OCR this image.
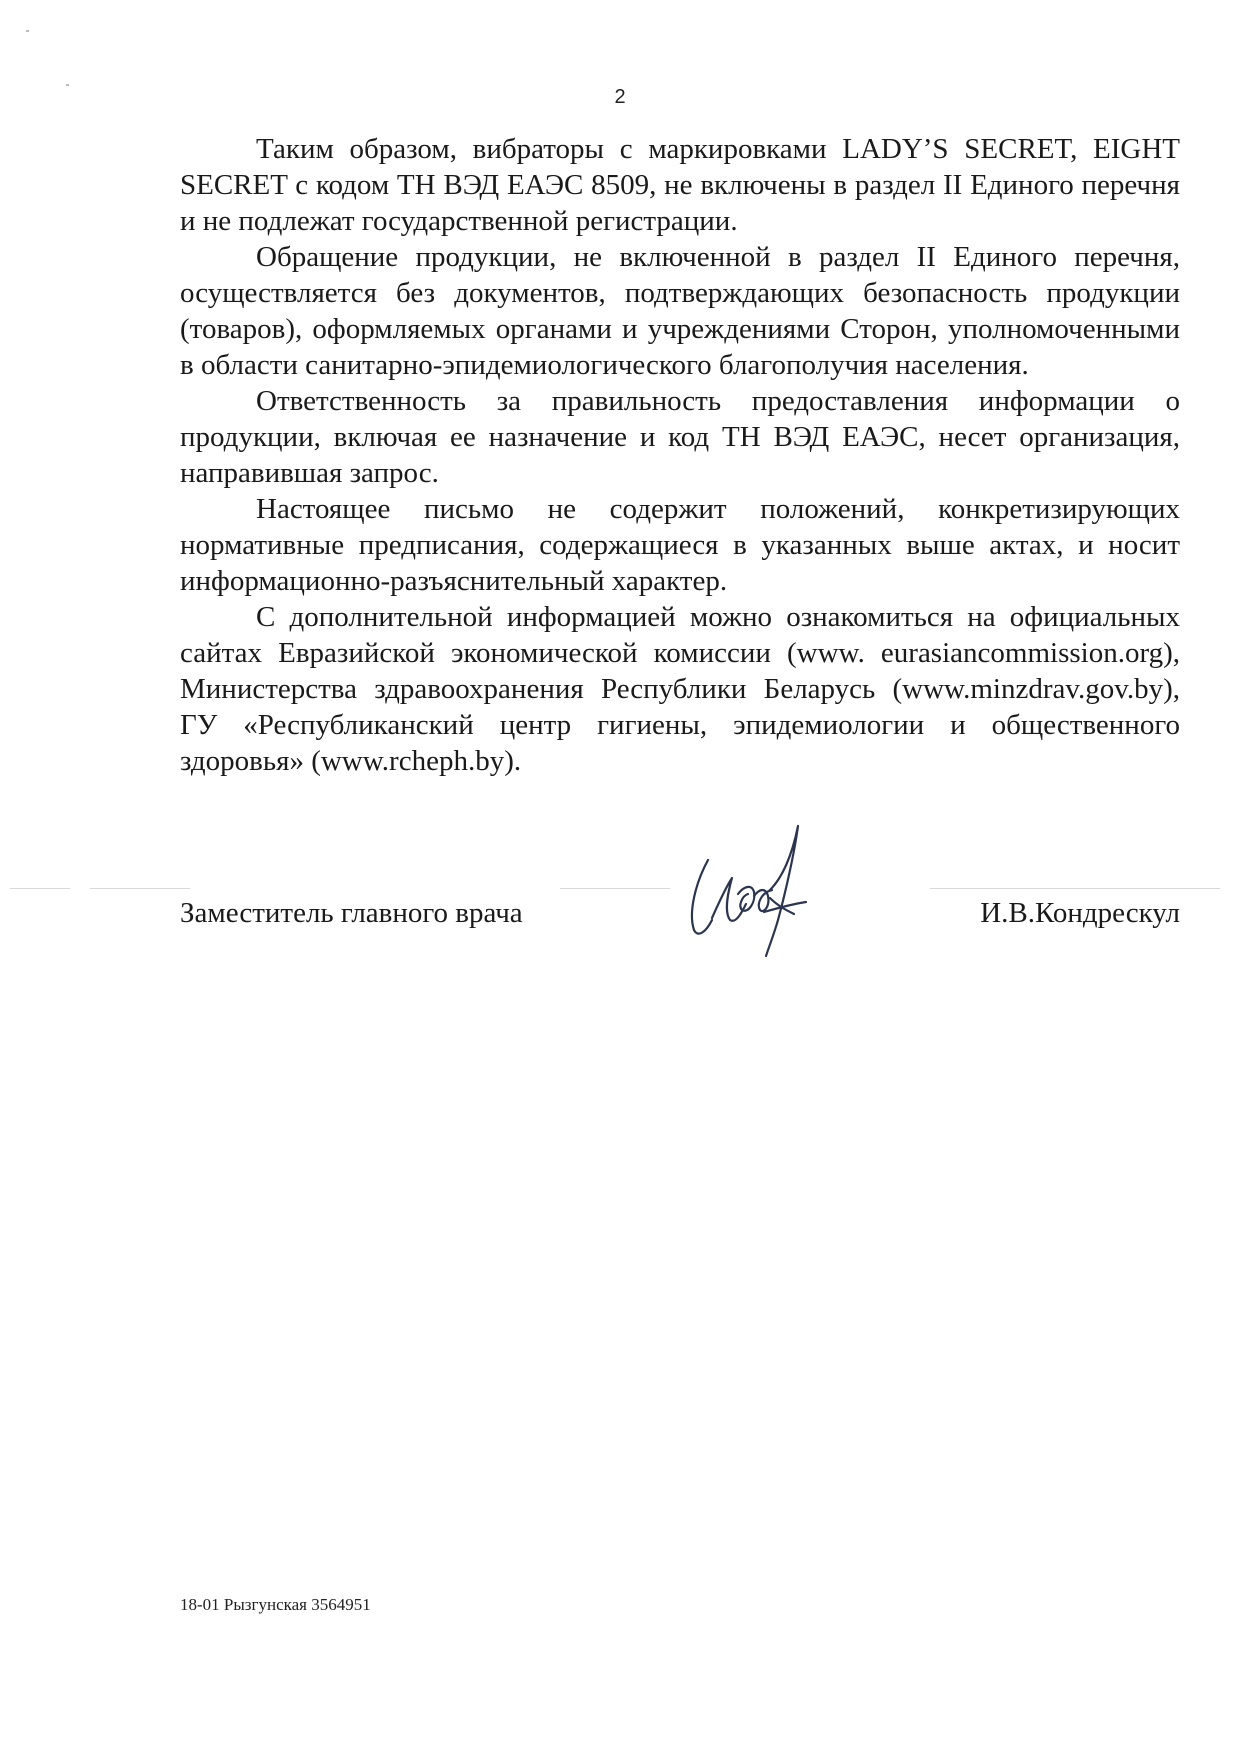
2

Таким образом, вибраторы с маркировками LADY’S SECRET, EIGHT SECRET с кодом ТН ВЭД ЕАЭС 8509, не включены в раздел II Единого перечня и не подлежат государственной регистрации.

Обращение продукции, не включенной в раздел II Единого перечня, осуществляется без документов, подтверждающих безопасность продукции (товаров), оформляемых органами и учреждениями Сторон, уполномоченными в области санитарно-эпидемиологического благополучия населения.

Ответственность за правильность предоставления информации о продукции, включая ее назначение и код ТН ВЭД ЕАЭС, несет организация, направившая запрос.

Настоящее письмо не содержит положений, конкретизирующих нормативные предписания, содержащиеся в указанных выше актах, и носит информационно-разъяснительный характер.

С дополнительной информацией можно ознакомиться на официальных сайтах Евразийской экономической комиссии (www. eurasiancommission.org), Министерства здравоохранения Республики Беларусь (www.minzdrav.gov.by), ГУ «Республиканский центр гигиены, эпидемиологии и общественного здоровья» (www.rcheph.by).

Заместитель главного врача	И.В.Кондрескул
18-01 Рызгунская 3564951
